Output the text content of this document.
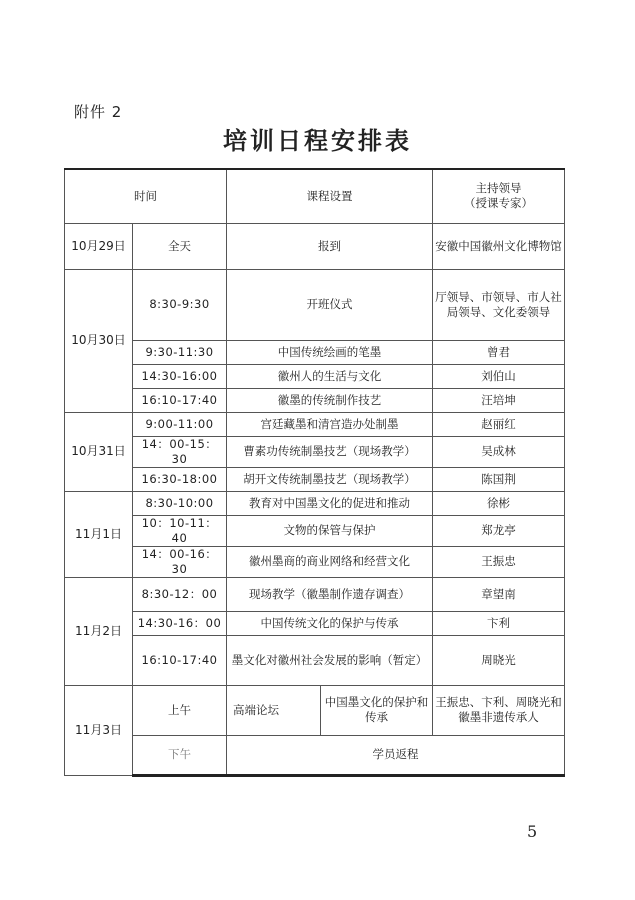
附件 2
培训日程安排表
时间		课程设置		主持领导
（授课专家）

10月29日	全天	报到		安徽中国徽州文化博物馆
10月30日	8:30-9:30	开班仪式		厅领导、市领导、市人社局领导、文化委领导
	9:30-11:30	中国传统绘画的笔墨		曾君
	14:30-16:00	徽州人的生活与文化		刘伯山
	16:10-17:40	徽墨的传统制作技艺		汪培坤
10月31日	9:00-11:00	宫廷藏墨和清宫造办处制墨		赵丽红
	14：00-15：30	曹素功传统制墨技艺（现场教学）		吴成林
	16:30-18:00	胡开文传统制墨技艺（现场教学）		陈国荆
11月1日	8:30-10:00	教育对中国墨文化的促进和推动		徐彬
	10：10-11：40	文物的保管与保护		郑龙亭
	14：00-16：30	徽州墨商的商业网络和经营文化		王振忠
11月2日	8:30-12：00	现场教学（徽墨制作遗存调查）		章望南
	14:30-16：00	中国传统文化的保护与传承		卞利
	16:10-17:40	墨文化对徽州社会发展的影响（暂定）		周晓光
11月3日	上午	高端论坛	中国墨文化的保护和传承	王振忠、卞利、周晓光和徽墨非遗传承人
	下午	学员返程		
5
